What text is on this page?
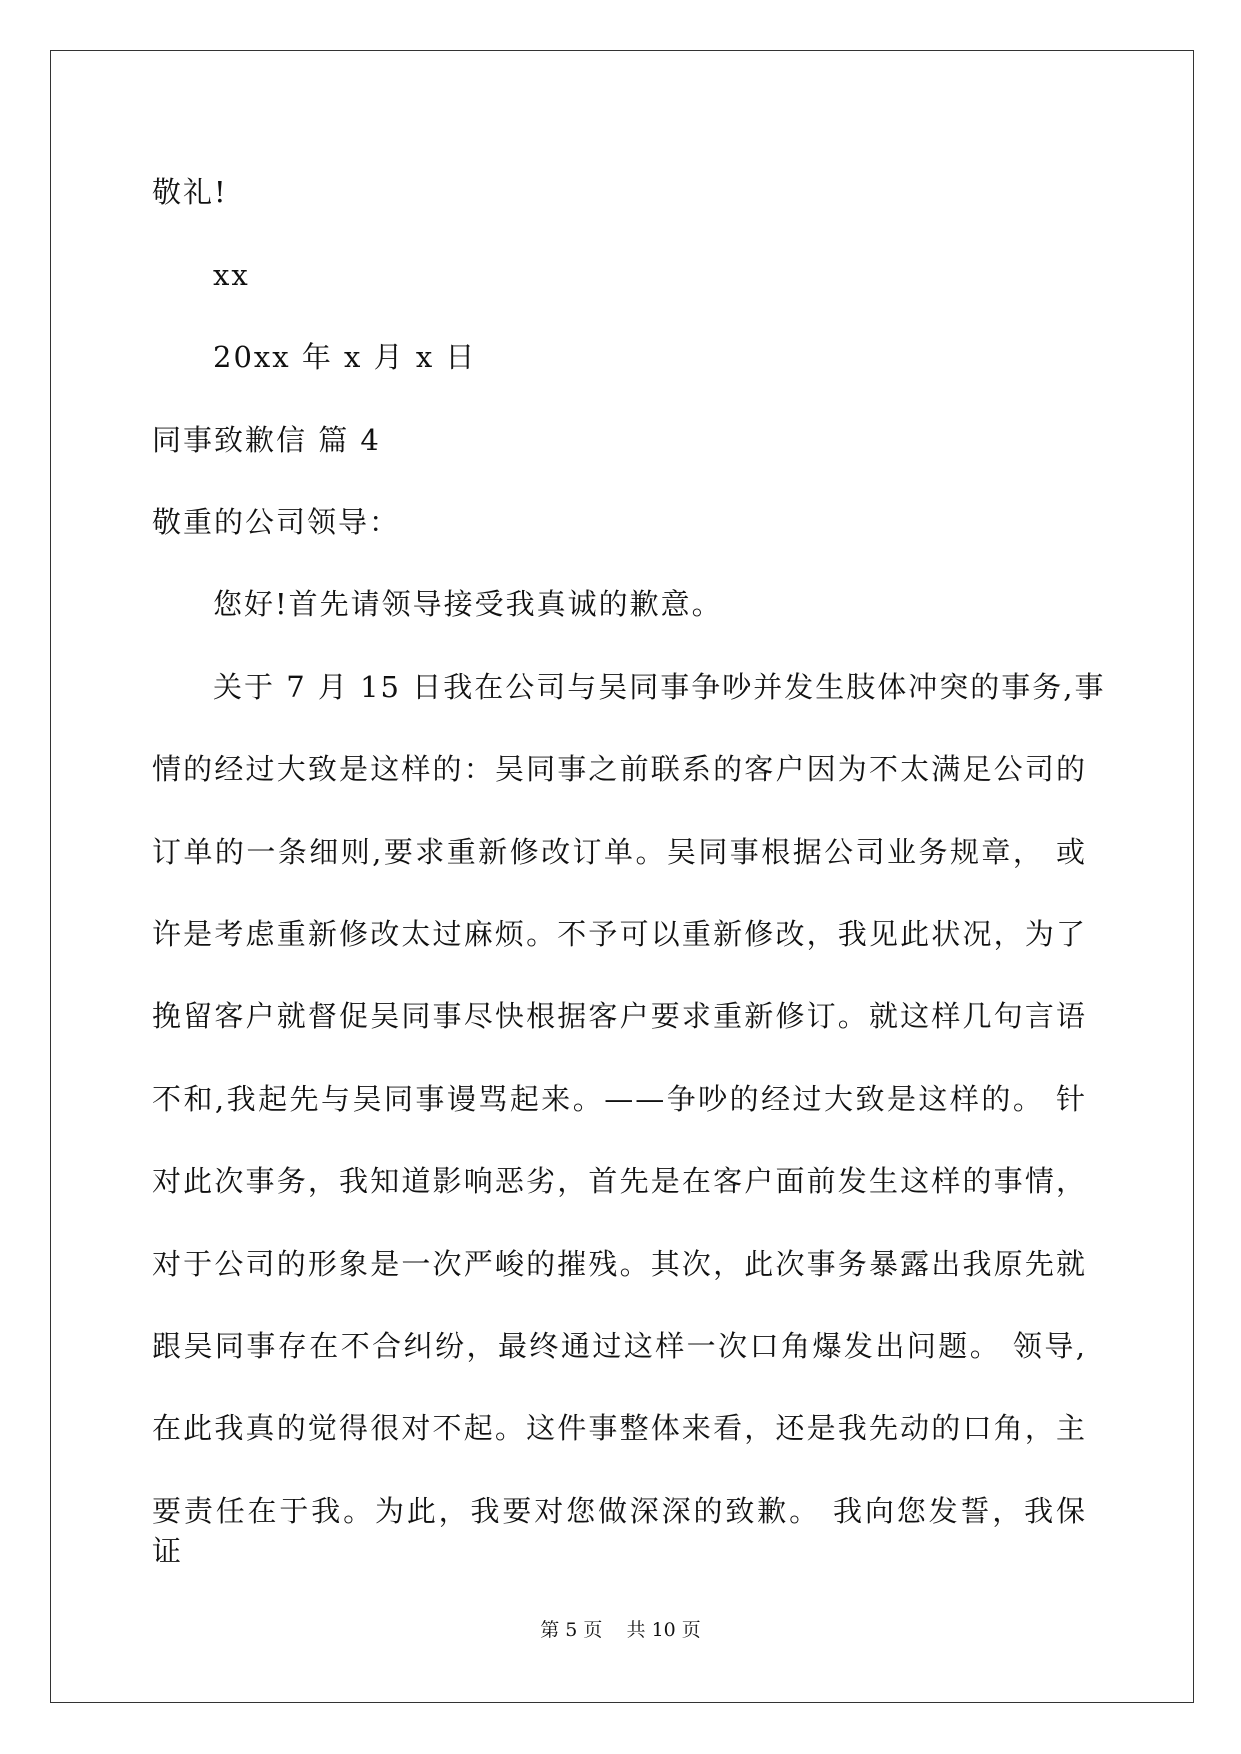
敬礼!
xx
20xx 年 x 月 x 日
同事致歉信 篇 4
敬重的公司领导：
您好!首先请领导接受我真诚的歉意。
关于 7 月 15 日我在公司与吴同事争吵并发生肢体冲突的事务,事
情的经过大致是这样的：吴同事之前联系的客户因为不太满足公司的
订单的一条细则,要求重新修改订单。吴同事根据公司业务规章， 或
许是考虑重新修改太过麻烦。不予可以重新修改，我见此状况，为了
挽留客户就督促吴同事尽快根据客户要求重新修订。就这样几句言语
不和,我起先与吴同事谩骂起来。——争吵的经过大致是这样的。 针
对此次事务，我知道影响恶劣，首先是在客户面前发生这样的事情，
对于公司的形象是一次严峻的摧残。其次，此次事务暴露出我原先就
跟吴同事存在不合纠纷，最终通过这样一次口角爆发出问题。 领导,
在此我真的觉得很对不起。这件事整体来看，还是我先动的口角，主
要责任在于我。为此，我要对您做深深的致歉。 我向您发誓，我保证
第 5 页 共 10 页
